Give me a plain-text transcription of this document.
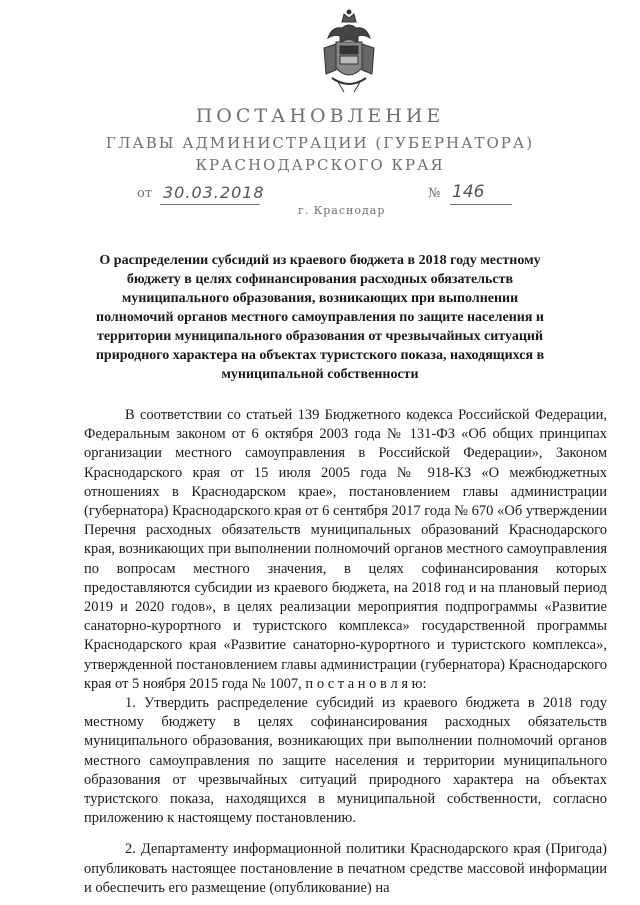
ПОСТАНОВЛЕНИЕ
ГЛАВЫ АДМИНИСТРАЦИИ (ГУБЕРНАТОРА)
КРАСНОДАРСКОГО КРАЯ
от 30.03.2018	№ 146
г. Краснодар
О распределении субсидий из краевого бюджета в 2018 году местному бюджету в целях софинансирования расходных обязательств муниципального образования, возникающих при выполнении полномочий органов местного самоуправления по защите населения и территории муниципального образования от чрезвычайных ситуаций природного характера на объектах туристского показа, находящихся в муниципальной собственности

В соответствии со статьей 139 Бюджетного кодекса Российской Федерации, Федеральным законом от 6 октября 2003 года № 131-ФЗ «Об общих принципах организации местного самоуправления в Российской Федерации», Законом Краснодарского края от 15 июля 2005 года № 918-КЗ «О межбюджетных отношениях в Краснодарском крае», постановлением главы администрации (губернатора) Краснодарского края от 6 сентября 2017 года № 670 «Об утверждении Перечня расходных обязательств муниципальных образований Краснодарского края, возникающих при выполнении полномочий органов местного самоуправления по вопросам местного значения, в целях софинансирования которых предоставляются субсидии из краевого бюджета, на 2018 год и на плановый период 2019 и 2020 годов», в целях реализации мероприятия подпрограммы «Развитие санаторно-курортного и туристского комплекса» государственной программы Краснодарского края «Развитие санаторно-курортного и туристского комплекса», утвержденной постановлением главы администрации (губернатора) Краснодарского края от 5 ноября 2015 года № 1007, п о с т а н о в л я ю:

1. Утвердить распределение субсидий из краевого бюджета в 2018 году местному бюджету в целях софинансирования расходных обязательств муниципального образования, возникающих при выполнении полномочий органов местного самоуправления по защите населения и территории муниципального образования от чрезвычайных ситуаций природного характера на объектах туристского показа, находящихся в муниципальной собственности, согласно приложению к настоящему постановлению.

2. Департаменту информационной политики Краснодарского края (Пригода) опубликовать настоящее постановление в печатном средстве массовой информации и обеспечить его размещение (опубликование) на
